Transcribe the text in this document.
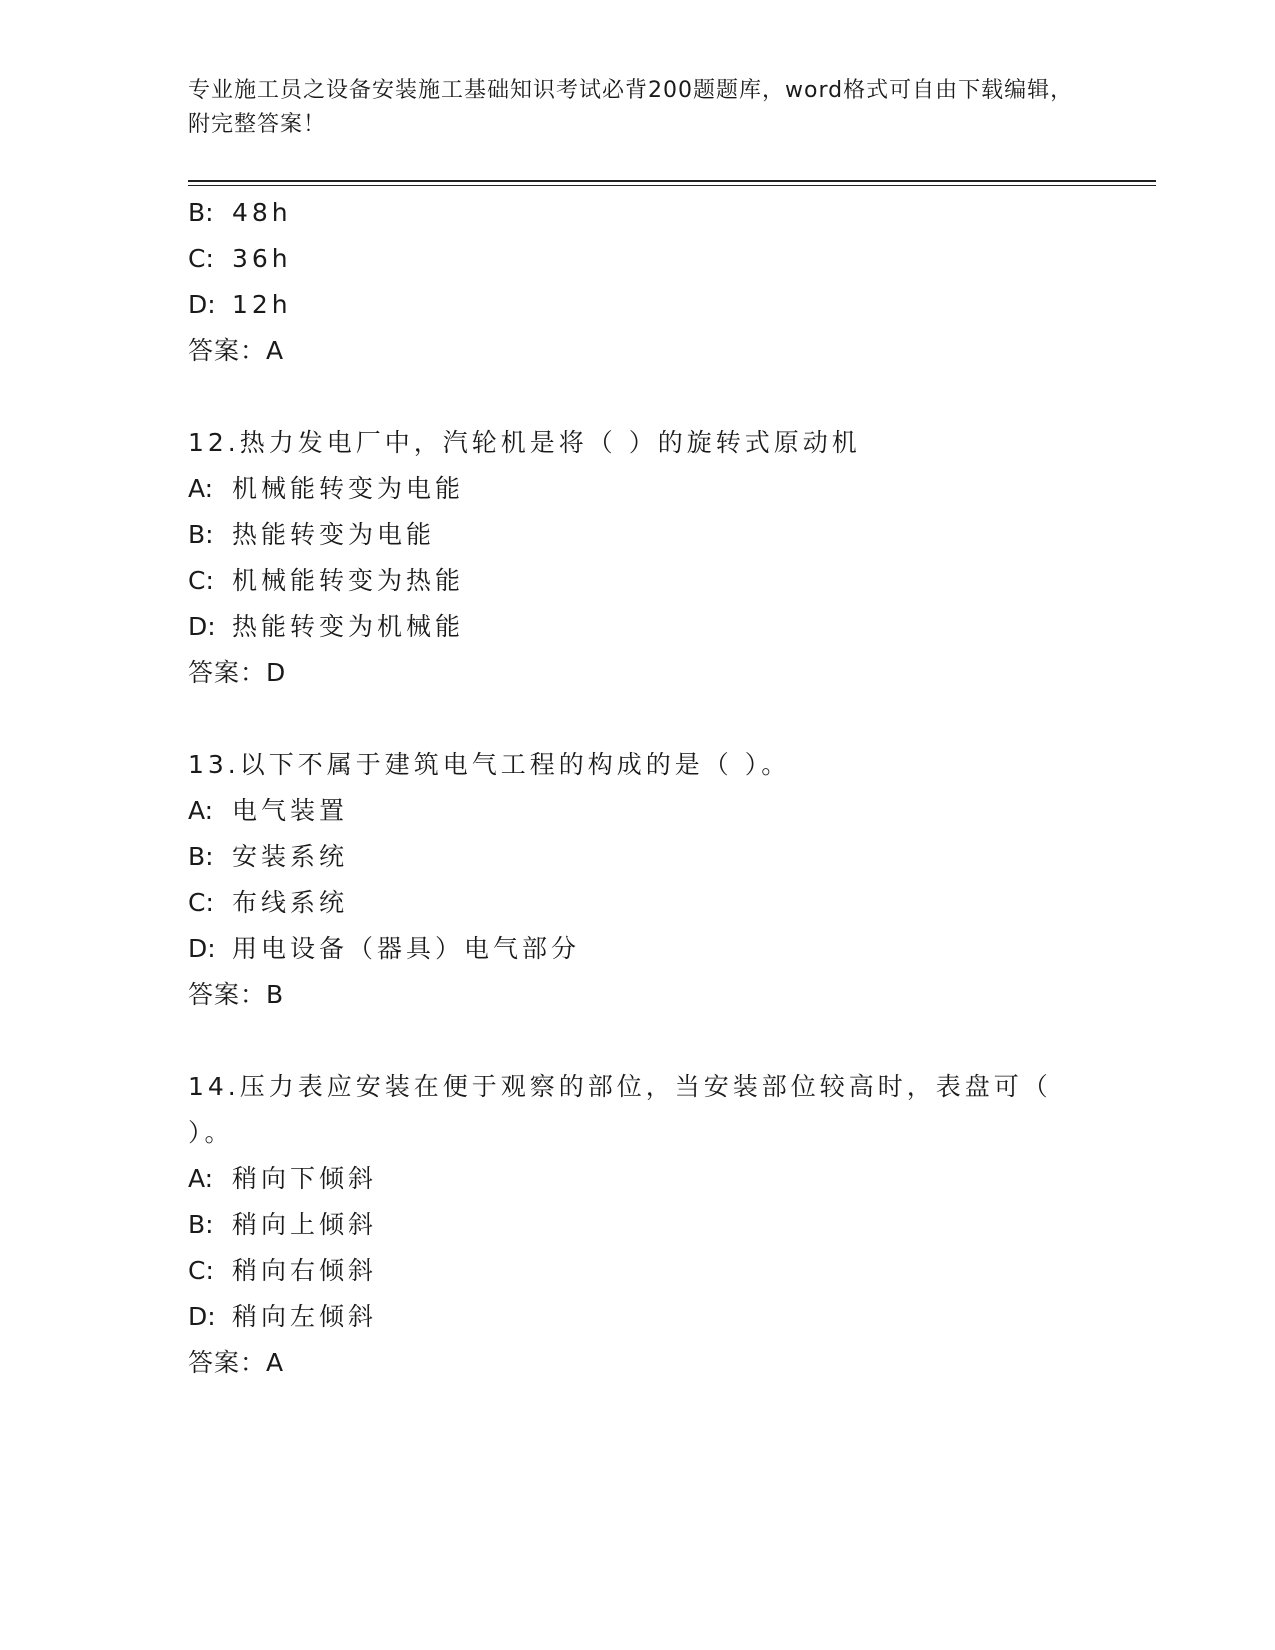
专业施工员之设备安装施工基础知识考试必背200题题库，word格式可自由下载编辑，附完整答案！
B: 48h
C: 36h
D: 12h
答案：A
12.热力发电厂中，汽轮机是将（ ）的旋转式原动机
A: 机械能转变为电能
B: 热能转变为电能
C: 机械能转变为热能
D: 热能转变为机械能
答案：D
13.以下不属于建筑电气工程的构成的是（ ）。
A: 电气装置
B: 安装系统
C: 布线系统
D: 用电设备（器具）电气部分
答案：B
14.压力表应安装在便于观察的部位，当安装部位较高时，表盘可（
）。
A: 稍向下倾斜
B: 稍向上倾斜
C: 稍向右倾斜
D: 稍向左倾斜
答案：A
